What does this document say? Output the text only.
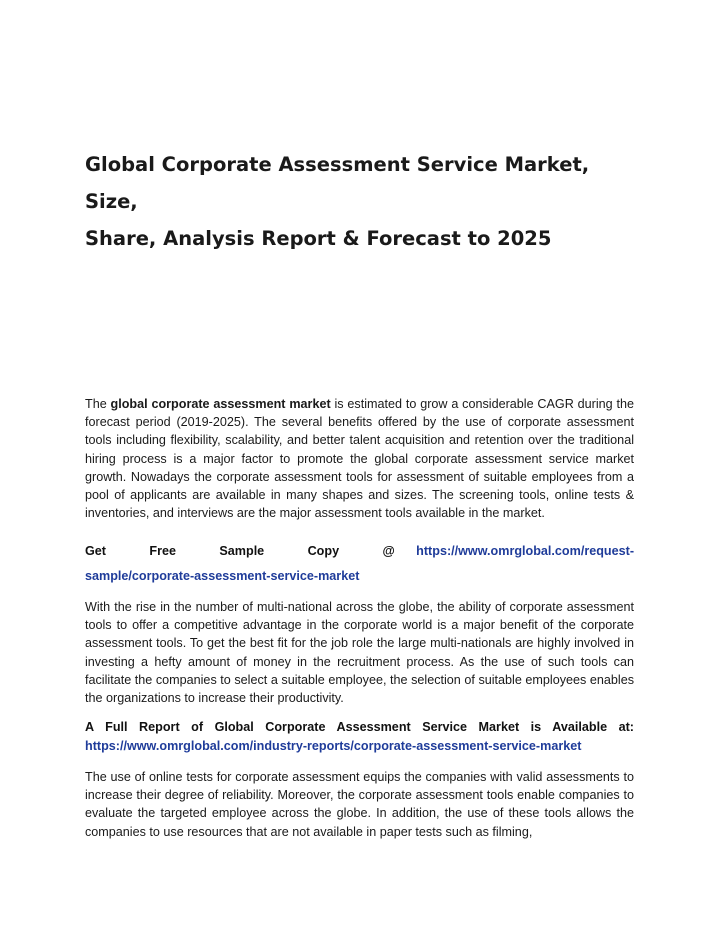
Global Corporate Assessment Service Market, Size,
Share, Analysis Report & Forecast to 2025

The global corporate assessment market is estimated to grow a considerable CAGR during the forecast period (2019-2025). The several benefits offered by the use of corporate assessment tools including flexibility, scalability, and better talent acquisition and retention over the traditional hiring process is a major factor to promote the global corporate assessment service market growth. Nowadays the corporate assessment tools for assessment of suitable employees from a pool of applicants are available in many shapes and sizes. The screening tools, online tests & inventories, and interviews are the major assessment tools available in the market.

Get Free Sample Copy @ https://www.omrglobal.com/request-sample/corporate-assessment-service-market

With the rise in the number of multi-national across the globe, the ability of corporate assessment tools to offer a competitive advantage in the corporate world is a major benefit of the corporate assessment tools. To get the best fit for the job role the large multi-nationals are highly involved in investing a hefty amount of money in the recruitment process. As the use of such tools can facilitate the companies to select a suitable employee, the selection of suitable employees enables the organizations to increase their productivity.

A Full Report of Global Corporate Assessment Service Market is Available at: https://www.omrglobal.com/industry-reports/corporate-assessment-service-market

The use of online tests for corporate assessment equips the companies with valid assessments to increase their degree of reliability. Moreover, the corporate assessment tools enable companies to evaluate the targeted employee across the globe. In addition, the use of these tools allows the companies to use resources that are not available in paper tests such as filming,
